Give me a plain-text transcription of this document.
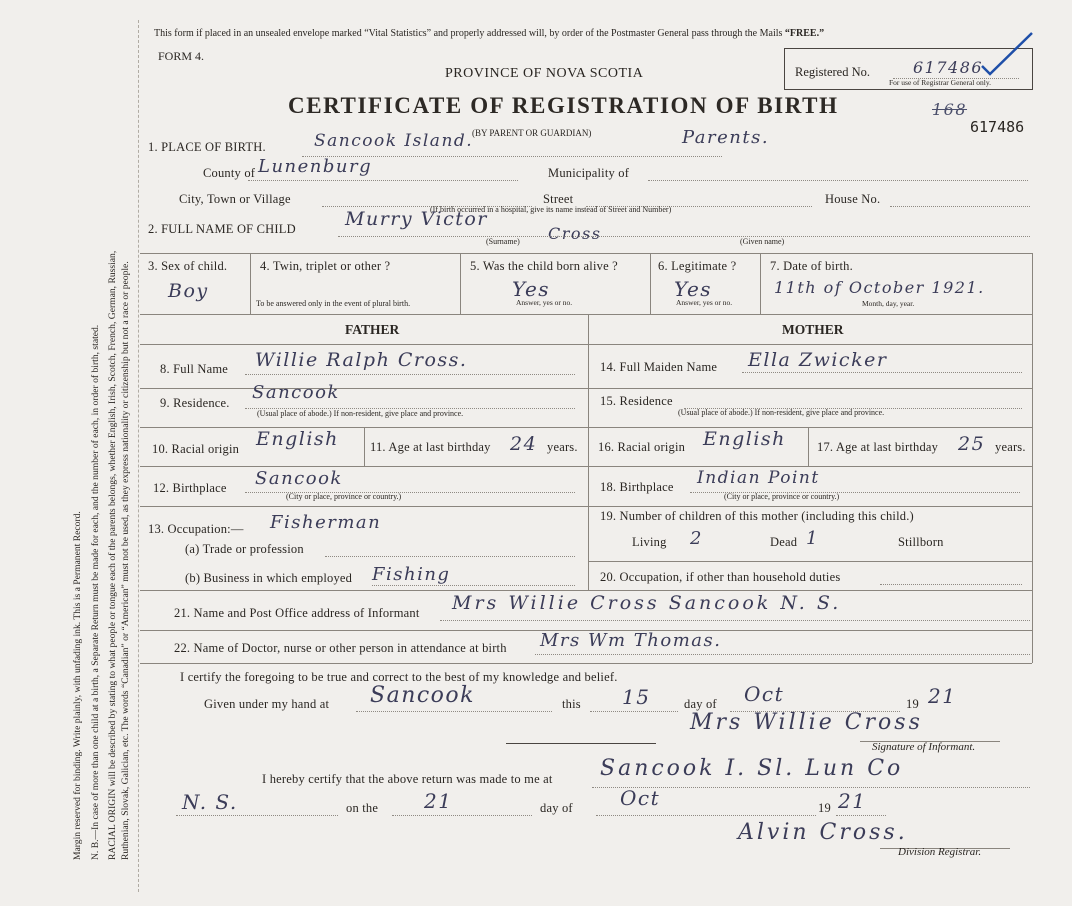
Margin reserved for binding. Write plainly, with unfading ink. This is a Permanent Record. N. B.—In case of more than one child at a birth, a Separate Return must be made for each, and the number of each, in order of birth, stated. RACIAL ORIGIN will be described by stating to what people or tongue each of the parents belongs, whether English, Irish, Scotch, French, German, Russian, Ruthenian, Slovak, Galician, etc. The words “Canadian” or “American” must not be used, as they express nationality or citizenship but not a race or people.
This form if placed in an unsealed envelope marked “Vital Statistics” and properly addressed will, by order of the Postmaster General pass through the Mails “FREE.”
FORM 4.
PROVINCE OF NOVA SCOTIA
CERTIFICATE OF REGISTRATION OF BIRTH
(BY PARENT OR GUARDIAN)
Registered No.	617486
For use of Registrar General only.
168
617486
1. PLACE OF BIRTH.	Sancook Island.	Parents.
County of Lunenburg	Municipality of
City, Town or Village	Street	House No.
(If birth occurred in a hospital, give its name instead of Street and Number)
2. FULL NAME OF CHILD	Murry Victor
Cross
(Surname)	(Given name)
3. Sex of child.
Boy
4. Twin, triplet or other ?
To be answered only in the event of plural birth.
5. Was the child born alive ?
Yes
Answer, yes or no.
6. Legitimate ?
Yes
Answer, yes or no.
7. Date of birth.
11th of October 1921.
Month, day, year.
FATHER	MOTHER
8. Full Name Willie Ralph Cross.
9. Residence. Sancook
(Usual place of abode.) If non-resident, give place and province.
10. Racial origin English 11. Age at last birthday 24 years.
12. Birthplace Sancook
(City or place, province or country.)
13. Occupation:— Fisherman
(a) Trade or profession
(b) Business in which employed Fishing
14. Full Maiden Name Ella Zwicker
15. Residence
(Usual place of abode.) If non-resident, give place and province.
16. Racial origin English 17. Age at last birthday 25 years.
18. Birthplace Indian Point
(City or place, province or country.)
19. Number of children of this mother (including this child.)
Living 2	Dead 1	Stillborn
20. Occupation, if other than household duties
21. Name and Post Office address of Informant Mrs Willie Cross Sancook N. S.
22. Name of Doctor, nurse or other person in attendance at birth Mrs Wm Thomas.
I certify the foregoing to be true and correct to the best of my knowledge and belief.
Given under my hand at Sancook	this 15	day of Oct	19 21
Mrs Willie Cross
Signature of Informant.
I hereby certify that the above return was made to me at Sancook I. Sl. Lun Co
N. S.	on the 21	day of Oct	19 21
Alvin Cross.
Division Registrar.
